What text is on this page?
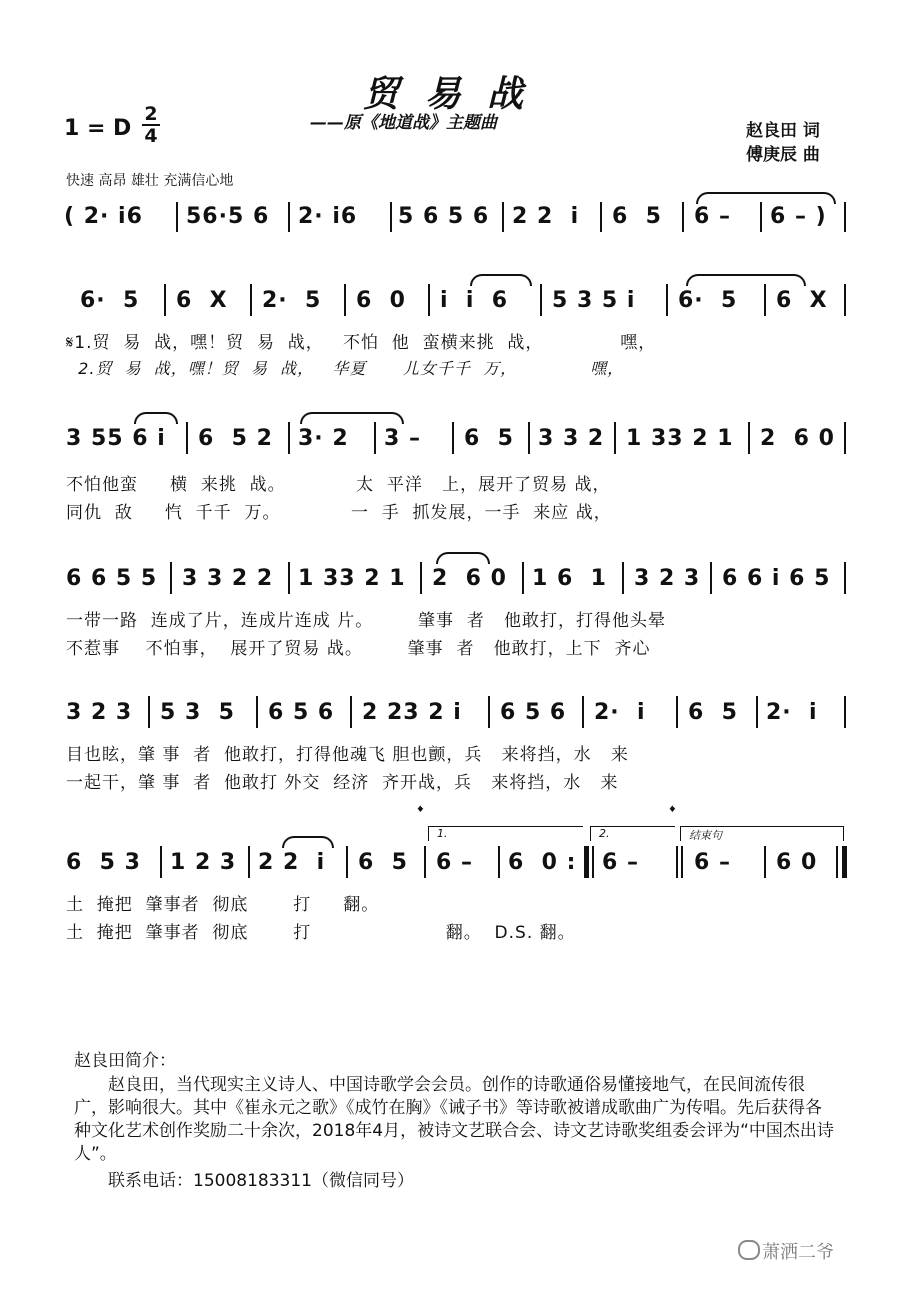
贸易战
——原《地道战》主题曲
1 = D
2
4	赵良田 词
傅庚辰 曲
快速 高昂 雄壮 充满信心地
( 2· i6 56·5 6 2· i6 5 6 5 6 2 2  i 6  5 6 – 6 – )
6·  5 6  X 2·  5 6  0 i  i  6 5 3 5 i 6·  5 6  X
𝄋1.贸  易  战，嘿！贸  易  战，   不怕  他  蛮横来挑  战，            嘿，
2.贸  易  战，嘿！贸  易  战，   华夏      儿女千千  万，            嘿，
3 55 6 i 6  5 2 3· 2 3 – 6  5 3 3 2 1 33 2 1 2  6 0
不怕他蛮     横  来挑  战。           太  平洋   上，展开了贸易 战，
同仇  敌     忾  千千  万。           一  手  抓发展，一手  来应 战，
6 6 5 5 3 3 2 2 1 33 2 1 2  6 0 1 6  1 3 2 3 6 6 i 6 5
一带一路  连成了片，连成片连成 片。       肇事  者   他敢打，打得他头晕
不惹事    不怕事，  展开了贸易 战。       肇事  者   他敢打，上下  齐心
3 2 3 5 3  5 6 5 6 2 23 2 i 6 5 6 2·  i 6  5 2·  i
目也眩，肇 事  者  他敢打，打得他魂飞 胆也颤，兵   来将挡，水   来
一起干，肇 事  者  他敢打 外交  经济  齐开战，兵   来将挡，水   来
𝄌	𝄌
1.	2.	结束句
6  5 3 1 2 3 2 2  i 6  5 6 – 6  0 : 6 –	6 – 6 0
土  掩把  肇事者  彻底       打     翻。
土  掩把  肇事者  彻底       打                     翻。  D.S. 翻。
赵良田简介：
赵良田，当代现实主义诗人、中国诗歌学会会员。创作的诗歌通俗易懂接地气，在民间流传很广，影响很大。其中《崔永元之歌》《成竹在胸》《诫子书》等诗歌被谱成歌曲广为传唱。先后获得各种文化艺术创作奖励二十余次，2018年4月，被诗文艺联合会、诗文艺诗歌奖组委会评为“中国杰出诗人”。
联系电话：15008183311（微信同号）
萧洒二爷
